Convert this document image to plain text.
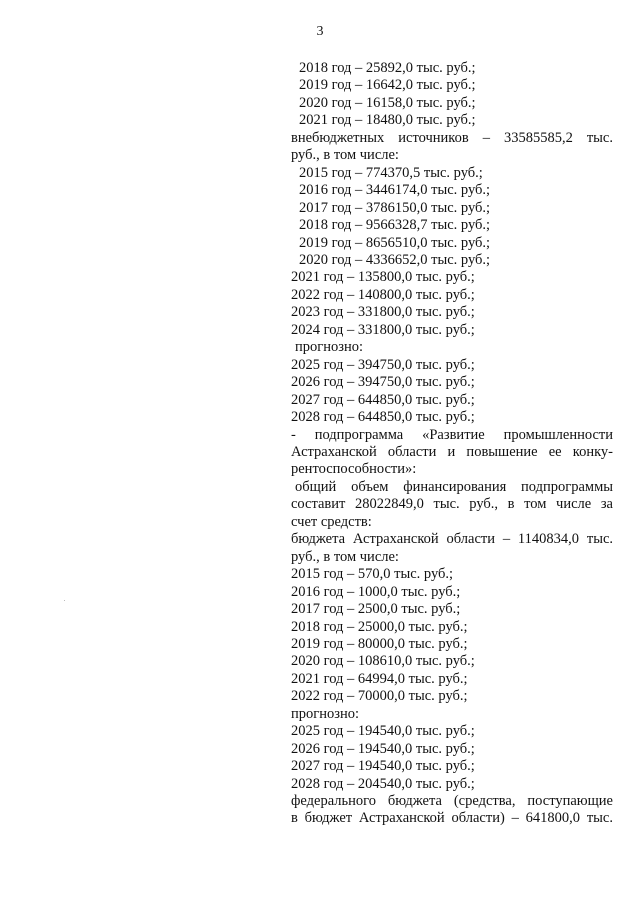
3
2018 год – 25892,0 тыс. руб.;
2019 год – 16642,0 тыс. руб.;
2020 год – 16158,0 тыс. руб.;
2021 год – 18480,0 тыс. руб.;
внебюджетных источников – 33585585,2 тыс.
руб., в том числе:
2015 год – 774370,5 тыс. руб.;
2016 год – 3446174,0 тыс. руб.;
2017 год – 3786150,0 тыс. руб.;
2018 год – 9566328,7 тыс. руб.;
2019 год – 8656510,0 тыс. руб.;
2020 год – 4336652,0 тыс. руб.;
2021 год – 135800,0 тыс. руб.;
2022 год – 140800,0 тыс. руб.;
2023 год – 331800,0 тыс. руб.;
2024 год – 331800,0 тыс. руб.;
прогнозно:
2025 год – 394750,0 тыс. руб.;
2026 год – 394750,0 тыс. руб.;
2027 год – 644850,0 тыс. руб.;
2028 год – 644850,0 тыс. руб.;
- подпрограмма «Развитие промышленности
Астраханской области и повышение ее конку-
рентоспособности»:
общий объем финансирования подпрограммы
составит 28022849,0 тыс. руб., в том числе за
счет средств:
бюджета Астраханской области – 1140834,0 тыс.
руб., в том числе:
2015 год – 570,0 тыс. руб.;
2016 год – 1000,0 тыс. руб.;
2017 год – 2500,0 тыс. руб.;
2018 год – 25000,0 тыс. руб.;
2019 год – 80000,0 тыс. руб.;
2020 год – 108610,0 тыс. руб.;
2021 год – 64994,0 тыс. руб.;
2022 год – 70000,0 тыс. руб.;
прогнозно:
2025 год – 194540,0 тыс. руб.;
2026 год – 194540,0 тыс. руб.;
2027 год – 194540,0 тыс. руб.;
2028 год – 204540,0 тыс. руб.;
федерального бюджета (средства, поступающие
в бюджет Астраханской области) – 641800,0 тыс.
